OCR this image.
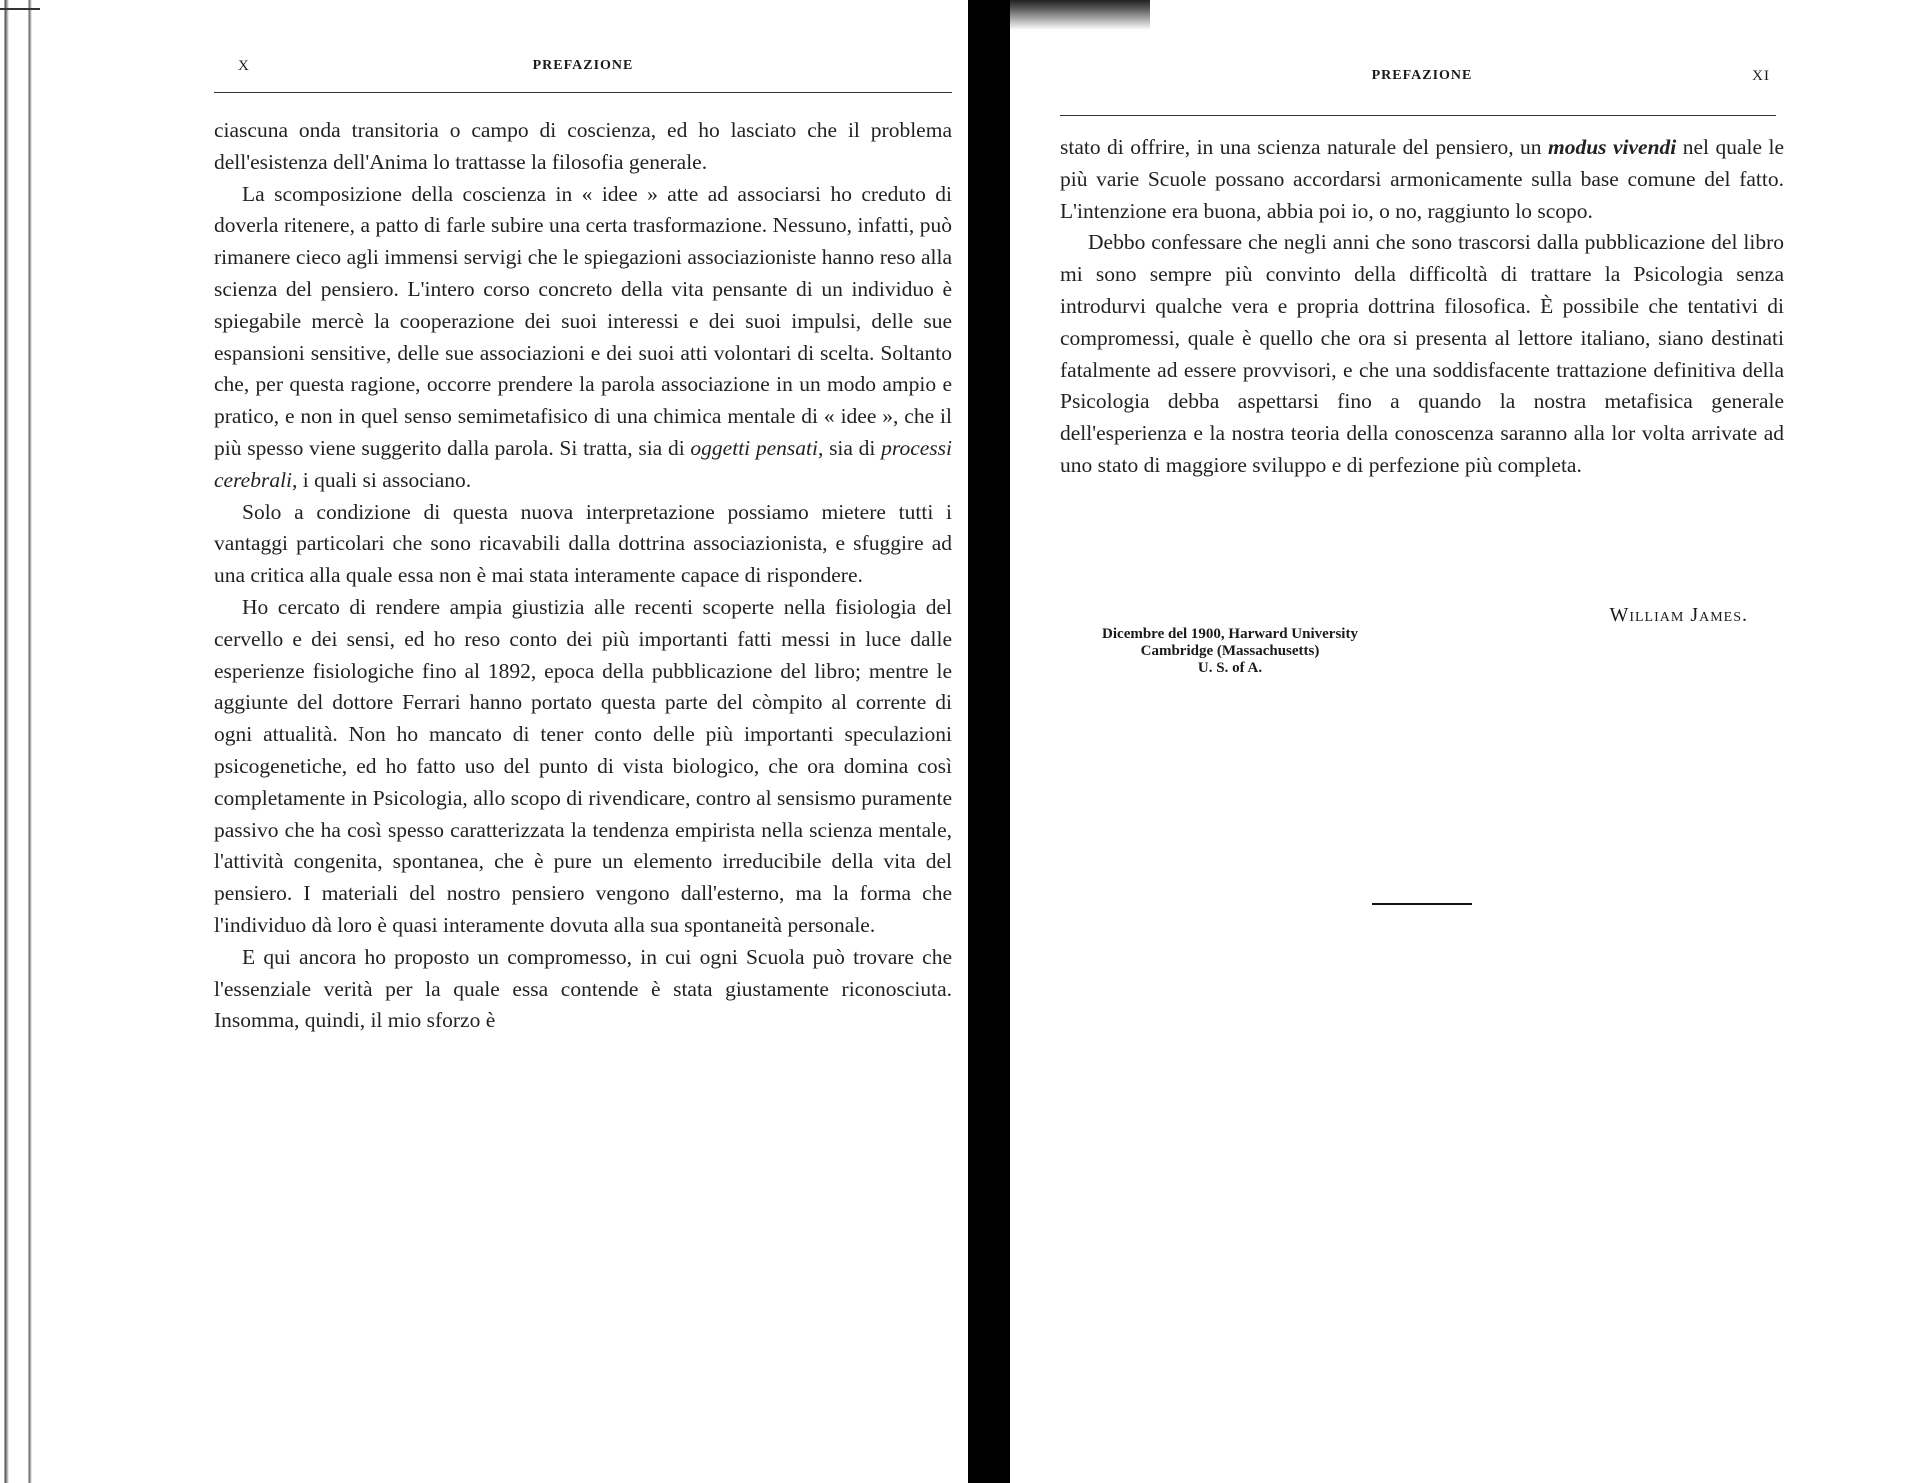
X	PREFAZIONE

ciascuna onda transitoria o campo di coscienza, ed ho lasciato che il problema dell'esistenza dell'Anima lo trattasse la filosofia generale.

La scomposizione della coscienza in « idee » atte ad associarsi ho creduto di doverla ritenere, a patto di farle subire una certa trasformazione. Nessuno, infatti, può rimanere cieco agli immensi servigi che le spiegazioni associazioniste hanno reso alla scienza del pensiero. L'intero corso concreto della vita pensante di un individuo è spiegabile mercè la cooperazione dei suoi interessi e dei suoi impulsi, delle sue espansioni sensitive, delle sue associazioni e dei suoi atti volontari di scelta. Soltanto che, per questa ragione, occorre prendere la parola associazione in un modo ampio e pratico, e non in quel senso semimetafisico di una chimica mentale di « idee », che il più spesso viene suggerito dalla parola. Si tratta, sia di oggetti pensati, sia di processi cerebrali, i quali si associano.

Solo a condizione di questa nuova interpretazione possiamo mietere tutti i vantaggi particolari che sono ricavabili dalla dottrina associazionista, e sfuggire ad una critica alla quale essa non è mai stata interamente capace di rispondere.

Ho cercato di rendere ampia giustizia alle recenti scoperte nella fisiologia del cervello e dei sensi, ed ho reso conto dei più importanti fatti messi in luce dalle esperienze fisiologiche fino al 1892, epoca della pubblicazione del libro; mentre le aggiunte del dottore Ferrari hanno portato questa parte del còmpito al corrente di ogni attualità. Non ho mancato di tener conto delle più importanti speculazioni psicogenetiche, ed ho fatto uso del punto di vista biologico, che ora domina così completamente in Psicologia, allo scopo di rivendicare, contro al sensismo puramente passivo che ha così spesso caratterizzata la tendenza empirista nella scienza mentale, l'attività congenita, spontanea, che è pure un elemento irreducibile della vita del pensiero. I materiali del nostro pensiero vengono dall'esterno, ma la forma che l'individuo dà loro è quasi interamente dovuta alla sua spontaneità personale.

E qui ancora ho proposto un compromesso, in cui ogni Scuola può trovare che l'essenziale verità per la quale essa contende è stata giustamente riconosciuta. Insomma, quindi, il mio sforzo è

PREFAZIONE	XI

stato di offrire, in una scienza naturale del pensiero, un modus vivendi nel quale le più varie Scuole possano accordarsi armonicamente sulla base comune del fatto. L'intenzione era buona, abbia poi io, o no, raggiunto lo scopo.

Debbo confessare che negli anni che sono trascorsi dalla pubblicazione del libro mi sono sempre più convinto della difficoltà di trattare la Psicologia senza introdurvi qualche vera e propria dottrina filosofica. È possibile che tentativi di compromessi, quale è quello che ora si presenta al lettore italiano, siano destinati fatalmente ad essere provvisori, e che una soddisfacente trattazione definitiva della Psicologia debba aspettarsi fino a quando la nostra metafisica generale dell'esperienza e la nostra teoria della conoscenza saranno alla lor volta arrivate ad uno stato di maggiore sviluppo e di perfezione più completa.

William James.
Dicembre del 1900, Harward University
Cambridge (Massachusetts)
U. S. of A.
